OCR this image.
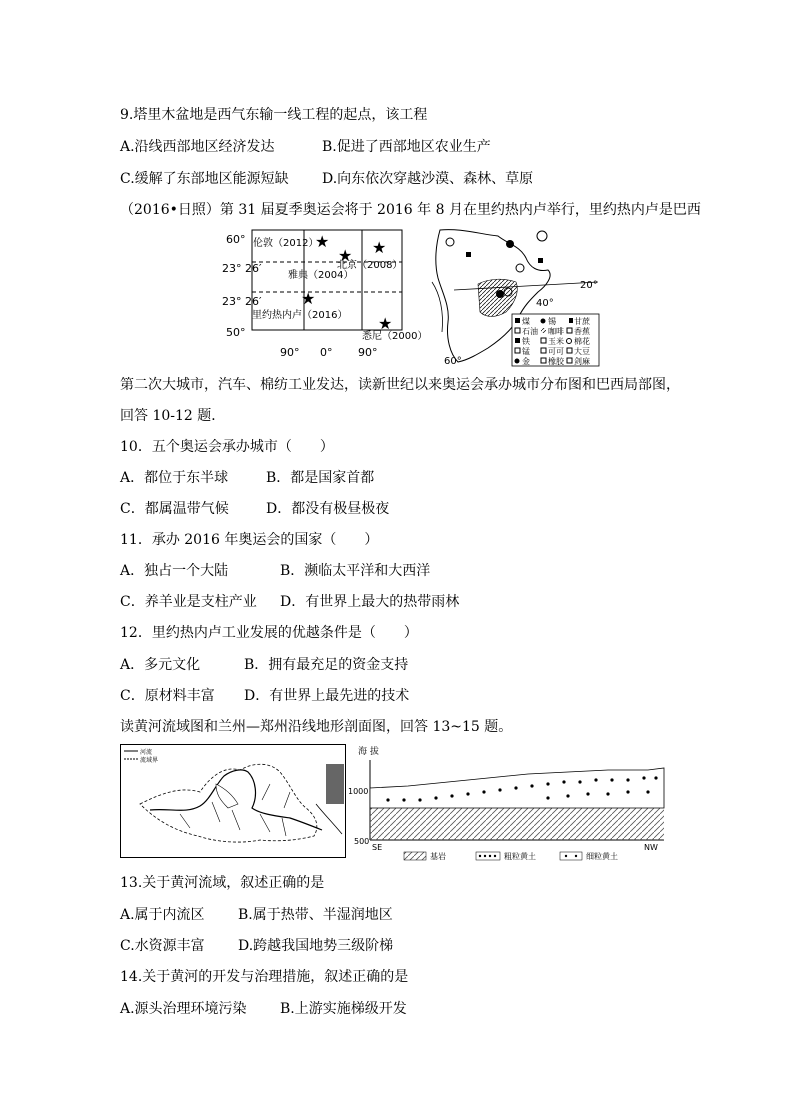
9.塔里木盆地是西气东输一线工程的起点，该工程
A.沿线西部地区经济发达	B.促进了西部地区农业生产
C.缓解了东部地区能源短缺 D.向东依次穿越沙漠、森林、草原
（2016•日照）第 31 届夏季奥运会将于 2016 年 8 月在里约热内卢举行，里约热内卢是巴西
60°
23° 26′
23° 26′
50°
90° 0° 90°
伦敦（2012）
北京（2008）
雅典（2004）
里约热内卢（2016）
悉尼（2000）
★
★ ★
★
★
20°
40°
60°
煤 锡 甘蔗
石油 咖啡 香蕉
铁 玉米 棉花
锰 可可 大豆
金 橡胶 剑麻
第二次大城市，汽车、棉纺工业发达，读新世纪以来奥运会承办城市分布图和巴西局部图，
回答 10-12 题．
10．五个奥运会承办城市（　　）
A．都位于东半球	B．都是国家首都
C．都属温带气候	D．都没有极昼极夜
11．承办 2016 年奥运会的国家（　　）
A．独占一个大陆	B．濒临太平洋和大西洋
C．养羊业是支柱产业 D．有世界上最大的热带雨林
12．里约热内卢工业发展的优越条件是（　　）
A．多元文化	B．拥有最充足的资金支持
C．原材料丰富 D．有世界上最先进的技术
读黄河流域图和兰州—郑州沿线地形剖面图，回答 13~15 题。
河流
流域界
海 拔
1000
500
SE	NW
基岩	粗粒黄土	细粒黄土
13.关于黄河流域，叙述正确的是
A.属于内流区 B.属于热带、半湿润地区
C.水资源丰富 D.跨越我国地势三级阶梯
14.关于黄河的开发与治理措施，叙述正确的是
A.源头治理环境污染 B.上游实施梯级开发
